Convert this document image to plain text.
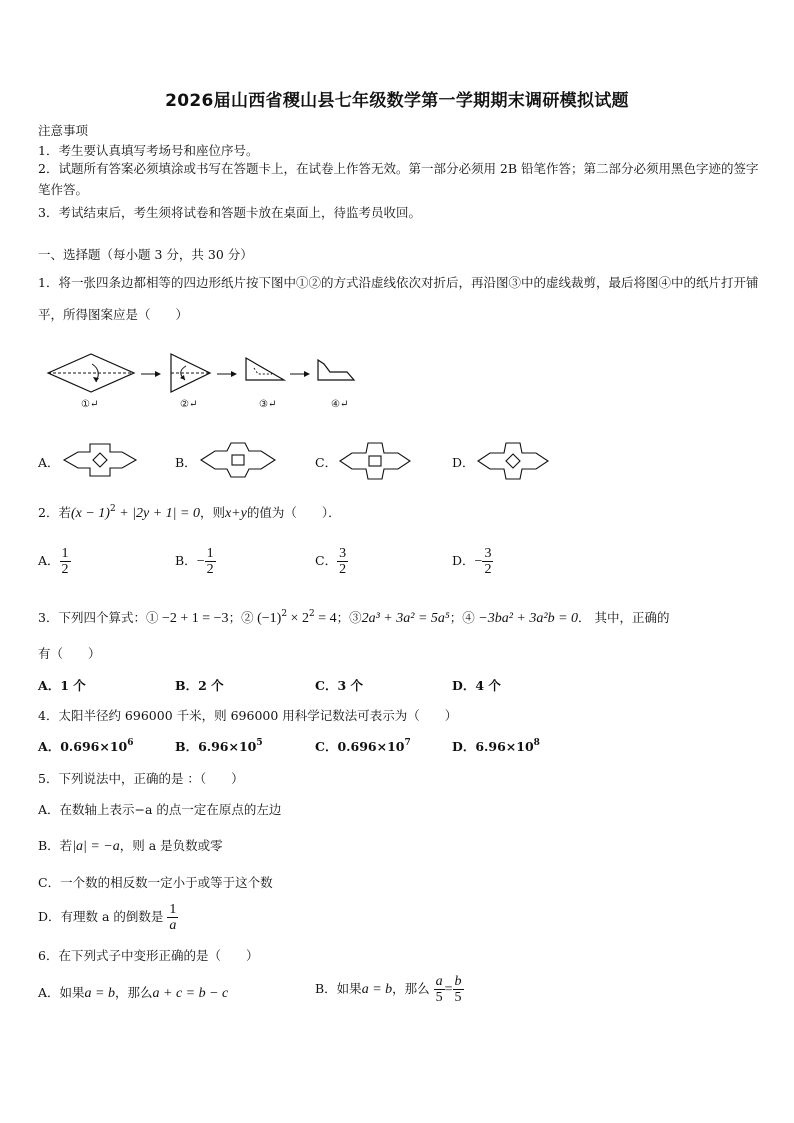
2026届山西省稷山县七年级数学第一学期期末调研模拟试题
注意事项
1．考生要认真填写考场号和座位序号。
2．试题所有答案必须填涂或书写在答题卡上，在试卷上作答无效。第一部分必须用 2B 铅笔作答；第二部分必须用黑色字迹的签字笔作答。
3．考试结束后，考生须将试卷和答题卡放在桌面上，待监考员收回。
一、选择题（每小题 3 分，共 30 分）
1．将一张四条边都相等的四边形纸片按下图中①②的方式沿虚线依次对折后，再沿图③中的虚线裁剪，最后将图④中的纸片打开铺平，所得图案应是（　　）
①↵	②↵	③↵	④↵
A．	B．	C．	D．
2．若$(x - 1)^2 + |2y + 1| = 0$，则x+y的值为（　　）．
A． $\frac{1}{2}$	B．− $\frac{1}{2}$	C． $\frac{3}{2}$	D．− $\frac{3}{2}$
3．下列四个算式：① −2 + 1 = −3；② $(-1)^2 \times 2^2 = 4$；③2a³ + 3a² = 5a⁵；④ −3ba² + 3a²b = 0． 其中，正确的
有（　　）
A．1 个	B．2 个	C．3 个	D．4 个
4．太阳半径约 696000 千米，则 696000 用科学记数法可表示为（　　）
A．$0.696\times 10^6$	B．$6.96\times 10^5$	C．$0.696\times 10^7$	D．$6.96\times 10^8$
5．下列说法中，正确的是 ：（　　）
A．在数轴上表示−a 的点一定在原点的左边
B．若|a| = −a，则 a 是负数或零
C．一个数的相反数一定小于或等于这个数
D．有理数 a 的倒数是 $\frac{1}{a}$
6．在下列式子中变形正确的是（　　）
A．如果a = b，那么a + c = b − c	B．如果a = b，那么 $\frac{a}{5} = \frac{b}{5}$
